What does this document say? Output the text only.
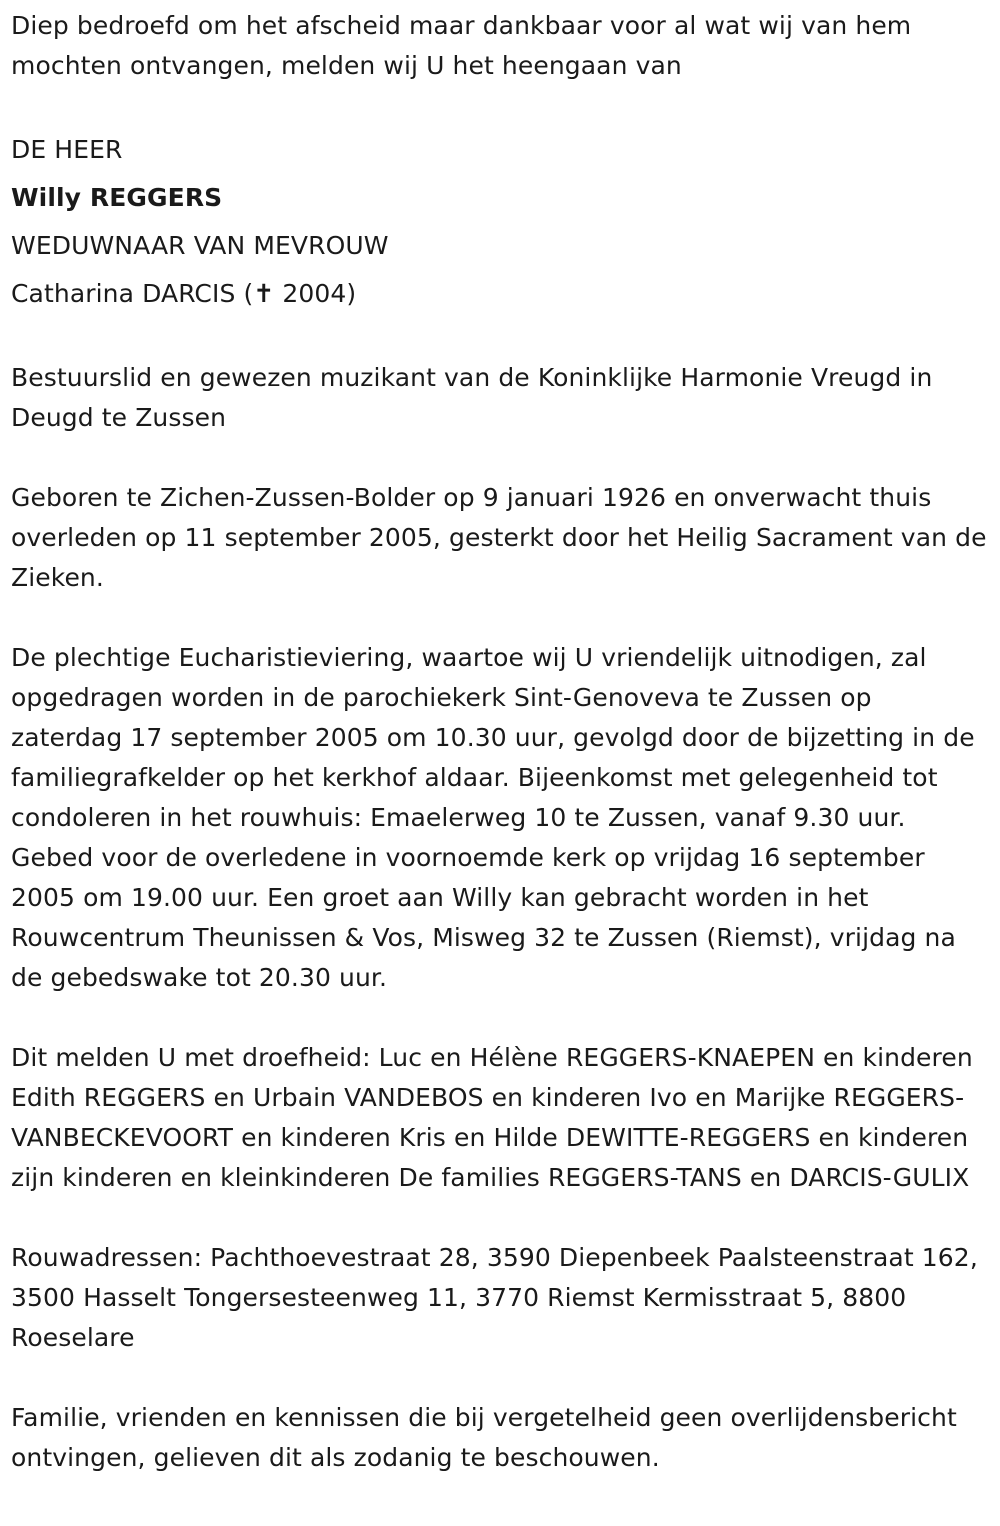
Diep bedroefd om het afscheid maar dankbaar voor al wat wij van hem mochten ontvangen, melden wij U het heengaan van

DE HEER
Willy REGGERS
WEDUWNAAR VAN MEVROUW
Catharina DARCIS (✝ 2004)

Bestuurslid en gewezen muzikant van de Koninklijke Harmonie Vreugd in Deugd te Zussen

Geboren te Zichen-Zussen-Bolder op 9 januari 1926 en onverwacht thuis overleden op 11 september 2005, gesterkt door het Heilig Sacrament van de Zieken.

De plechtige Eucharistieviering, waartoe wij U vriendelijk uitnodigen, zal opgedragen worden in de parochiekerk Sint-Genoveva te Zussen op zaterdag 17 september 2005 om 10.30 uur, gevolgd door de bijzetting in de familiegrafkelder op het kerkhof aldaar. Bijeenkomst met gelegenheid tot condoleren in het rouwhuis: Emaelerweg 10 te Zussen, vanaf 9.30 uur. Gebed voor de overledene in voornoemde kerk op vrijdag 16 september 2005 om 19.00 uur. Een groet aan Willy kan gebracht worden in het Rouwcentrum Theunissen & Vos, Misweg 32 te Zussen (Riemst), vrijdag na de gebedswake tot 20.30 uur.

Dit melden U met droefheid: Luc en Hélène REGGERS-KNAEPEN en kinderen Edith REGGERS en Urbain VANDEBOS en kinderen Ivo en Marijke REGGERS-VANBECKEVOORT en kinderen Kris en Hilde DEWITTE-REGGERS en kinderen zijn kinderen en kleinkinderen De families REGGERS-TANS en DARCIS-GULIX

Rouwadressen: Pachthoevestraat 28, 3590 Diepenbeek Paalsteenstraat 162, 3500 Hasselt Tongersesteenweg 11, 3770 Riemst Kermisstraat 5, 8800 Roeselare

Familie, vrienden en kennissen die bij vergetelheid geen overlijdensbericht ontvingen, gelieven dit als zodanig te beschouwen.
